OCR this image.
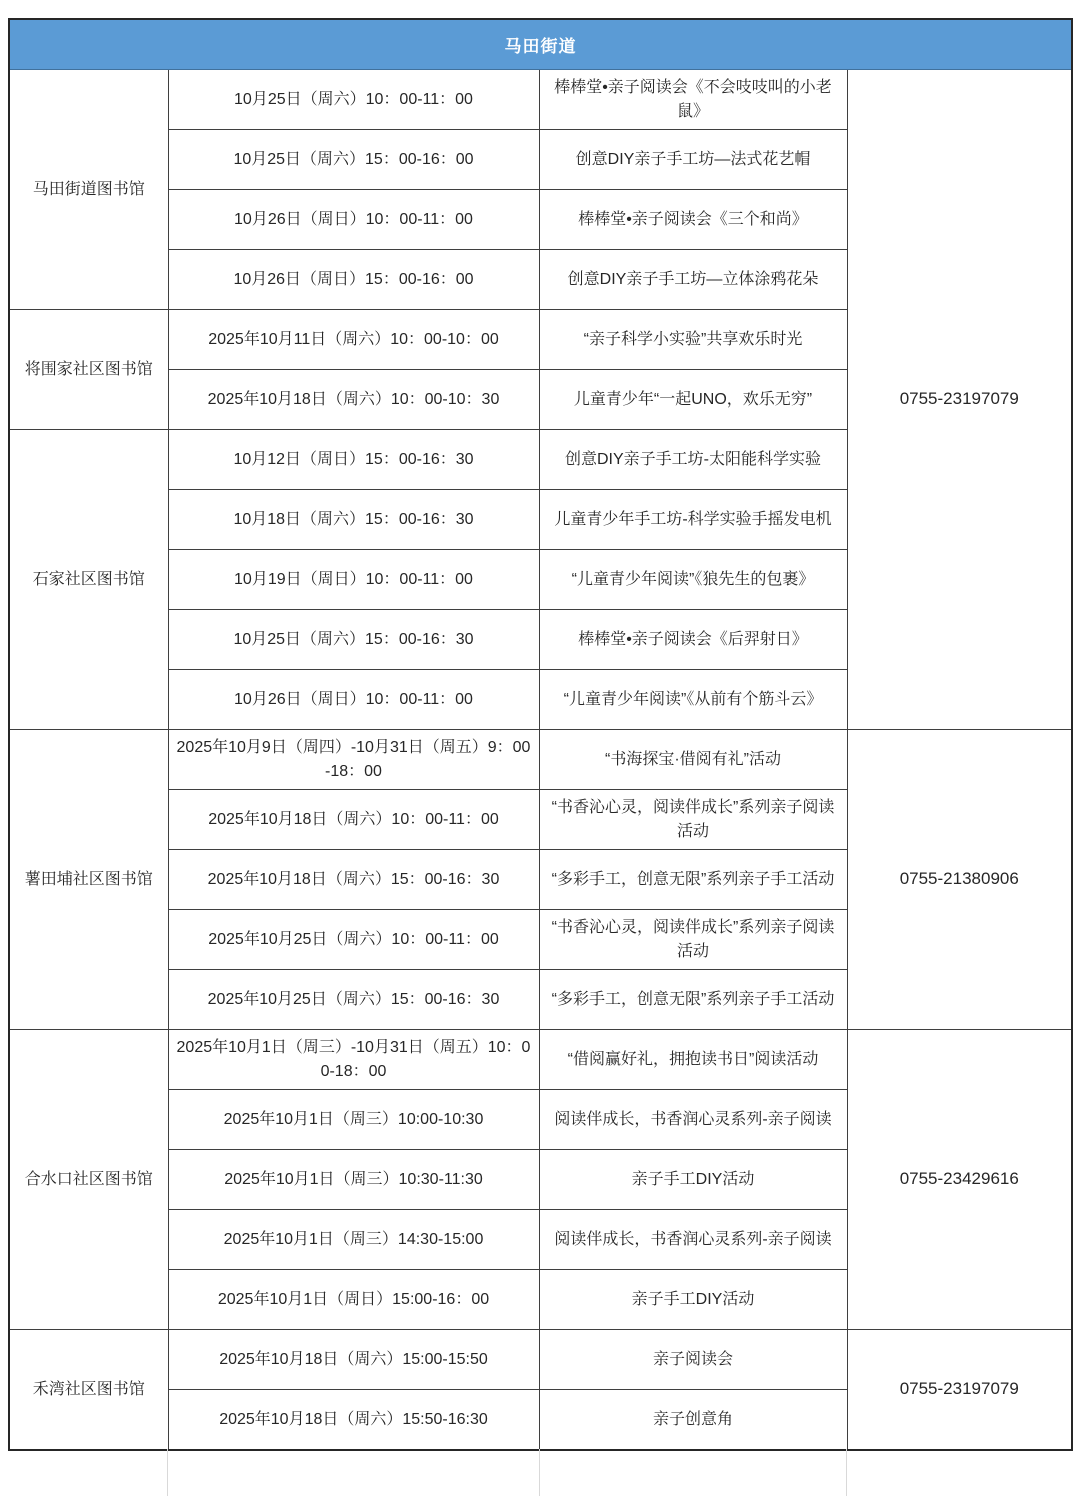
马田街道			
马田街道图书馆	10月25日（周六）10：00-11：00	棒棒堂•亲子阅读会《不会吱吱叫的小老鼠》	0755-23197079
	10月25日（周六）15：00-16：00	创意DIY亲子手工坊—法式花艺帽	
	10月26日（周日）10：00-11：00	棒棒堂•亲子阅读会《三个和尚》	
	10月26日（周日）15：00-16：00	创意DIY亲子手工坊—立体涂鸦花朵	
将围家社区图书馆	2025年10月11日（周六）10：00-10：00	“亲子科学小实验”共享欢乐时光	
	2025年10月18日（周六）10：00-10：30	儿童青少年“一起UNO，欢乐无穷”	
石家社区图书馆	10月12日（周日）15：00-16：30	创意DIY亲子手工坊-太阳能科学实验	
	10月18日（周六）15：00-16：30	儿童青少年手工坊-科学实验手摇发电机	
	10月19日（周日）10：00-11：00	“儿童青少年阅读”《狼先生的包裹》	
	10月25日（周六）15：00-16：30	棒棒堂•亲子阅读会《后羿射日》	
	10月26日（周日）10：00-11：00	“儿童青少年阅读”《从前有个筋斗云》	
薯田埔社区图书馆	2025年10月9日（周四）-10月31日（周五）9：00-18：00	“书海探宝·借阅有礼”活动	0755-21380906
	2025年10月18日（周六）10：00-11：00	“书香沁心灵，阅读伴成长”系列亲子阅读活动	
	2025年10月18日（周六）15：00-16：30	“多彩手工，创意无限”系列亲子手工活动	
	2025年10月25日（周六）10：00-11：00	“书香沁心灵，阅读伴成长”系列亲子阅读活动	
	2025年10月25日（周六）15：00-16：30	“多彩手工，创意无限”系列亲子手工活动	
合水口社区图书馆	2025年10月1日（周三）-10月31日（周五）10：00-18：00	“借阅赢好礼，拥抱读书日”阅读活动	0755-23429616
	2025年10月1日（周三）10:00-10:30	阅读伴成长，书香润心灵系列-亲子阅读	
	2025年10月1日（周三）10:30-11:30	亲子手工DIY活动	
	2025年10月1日（周三）14:30-15:00	阅读伴成长，书香润心灵系列-亲子阅读	
	2025年10月1日（周日）15:00-16：00	亲子手工DIY活动	
禾湾社区图书馆	2025年10月18日（周六）15:00-15:50	亲子阅读会	0755-23197079
	2025年10月18日（周六）15:50-16:30	亲子创意角	
